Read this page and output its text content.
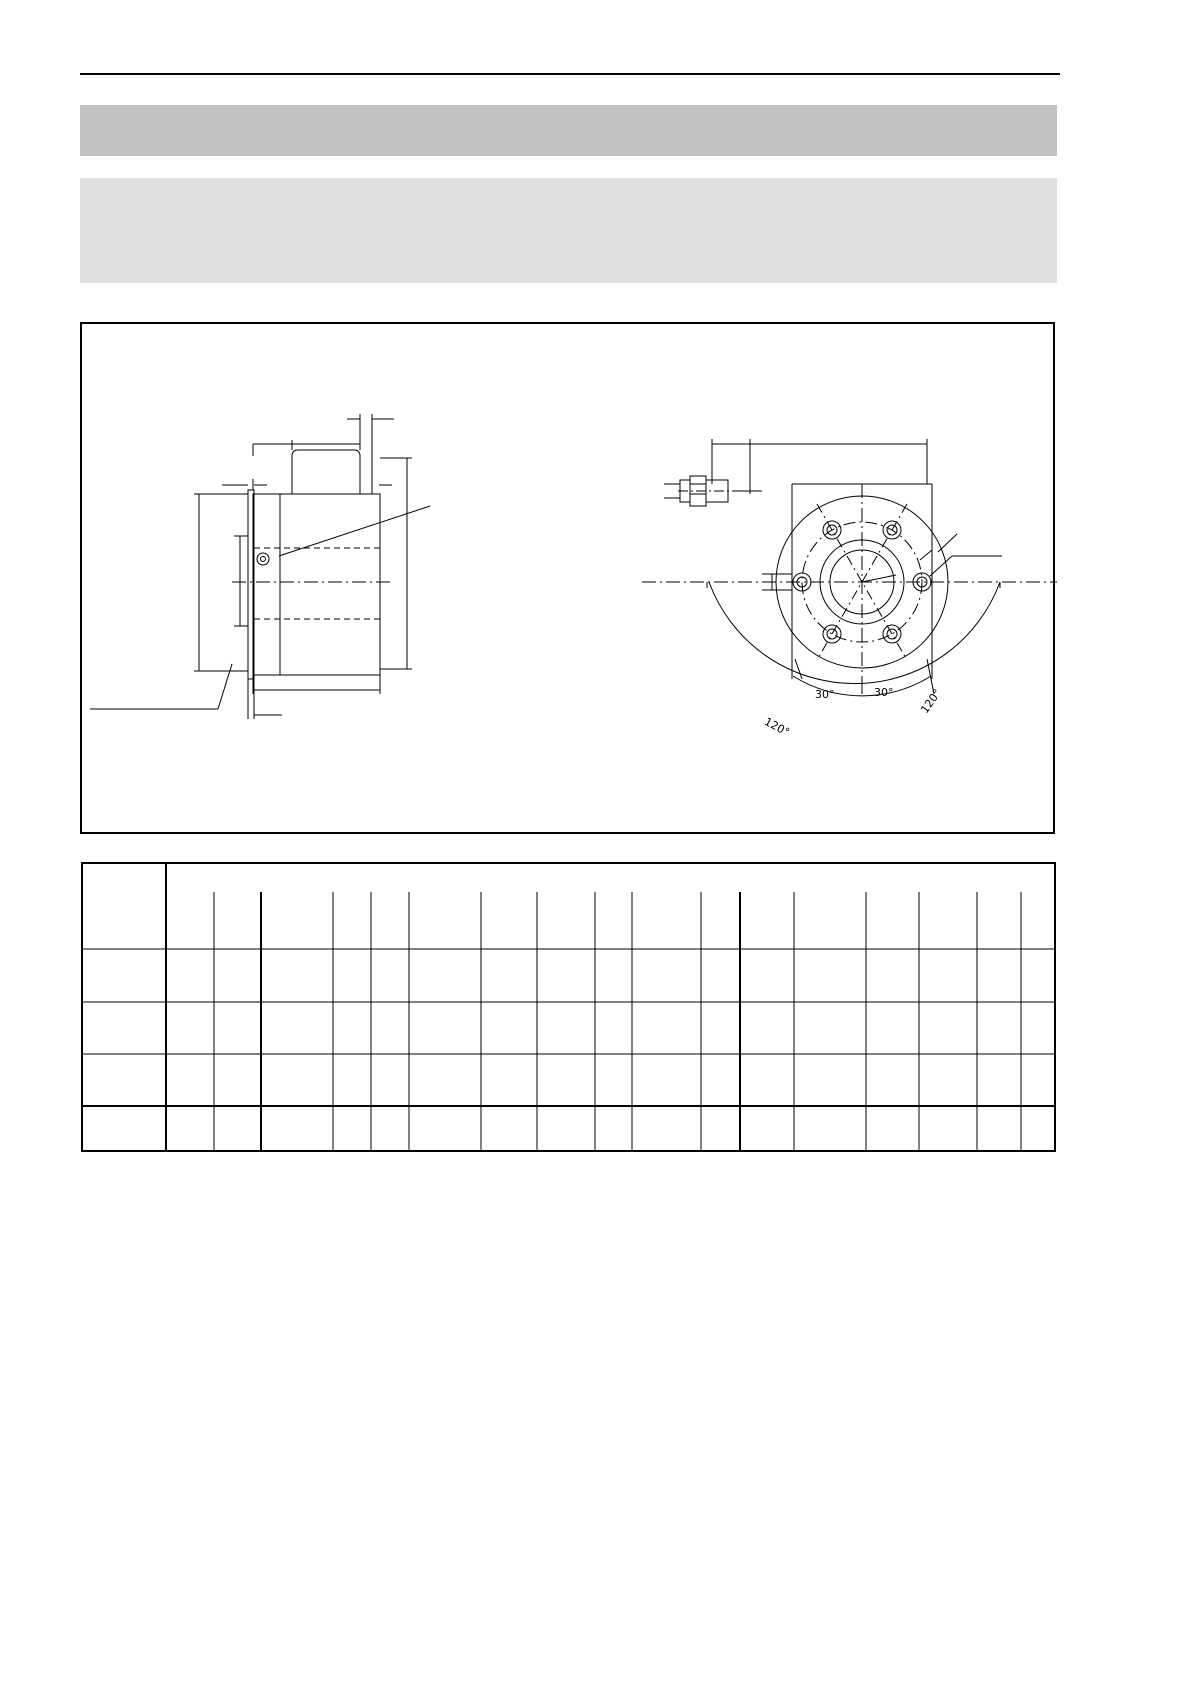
30°	30° 120°
120°
